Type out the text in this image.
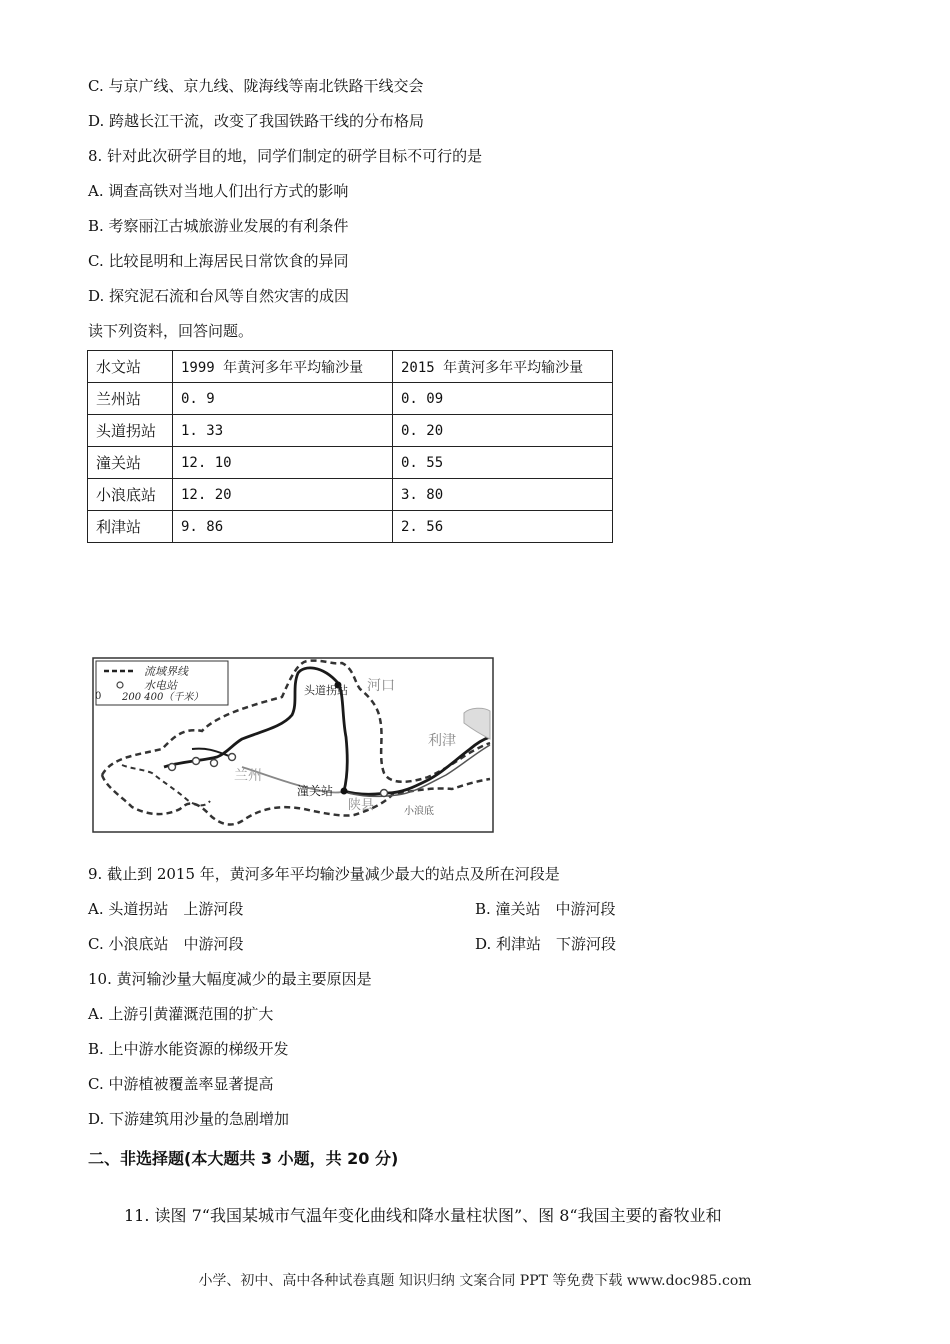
C. 与京广线、京九线、陇海线等南北铁路干线交会
D. 跨越长江干流，改变了我国铁路干线的分布格局
8. 针对此次研学目的地，同学们制定的研学目标不可行的是
A. 调查高铁对当地人们出行方式的影响
B. 考察丽江古城旅游业发展的有利条件
C. 比较昆明和上海居民日常饮食的异同
D. 探究泥石流和台风等自然灾害的成因
读下列资料，回答问题。
水文站	1999 年黄河多年平均输沙量	2015 年黄河多年平均输沙量
兰州站	0. 9	0. 09
头道拐站	1. 33	0. 20
潼关站	12. 10	0. 55
小浪底站	12. 20	3. 80
利津站	9. 86	2. 56
流域界线
水电站
0 200 400（千米）
头道拐站 河口
利津
兰州
潼关站
陕县	小浪底
9. 截止到 2015 年，黄河多年平均输沙量减少最大的站点及所在河段是
A. 头道拐站　上游河段	B. 潼关站　中游河段
C. 小浪底站　中游河段	D. 利津站　下游河段
10. 黄河输沙量大幅度减少的最主要原因是
A. 上游引黄灌溉范围的扩大
B. 上中游水能资源的梯级开发
C. 中游植被覆盖率显著提高
D. 下游建筑用沙量的急剧增加
二、非选择题(本大题共 3 小题，共 20 分)
11. 读图 7“我国某城市气温年变化曲线和降水量柱状图”、图 8“我国主要的畜牧业和
小学、初中、高中各种试卷真题 知识归纳 文案合同 PPT 等免费下载 www.doc985.com
